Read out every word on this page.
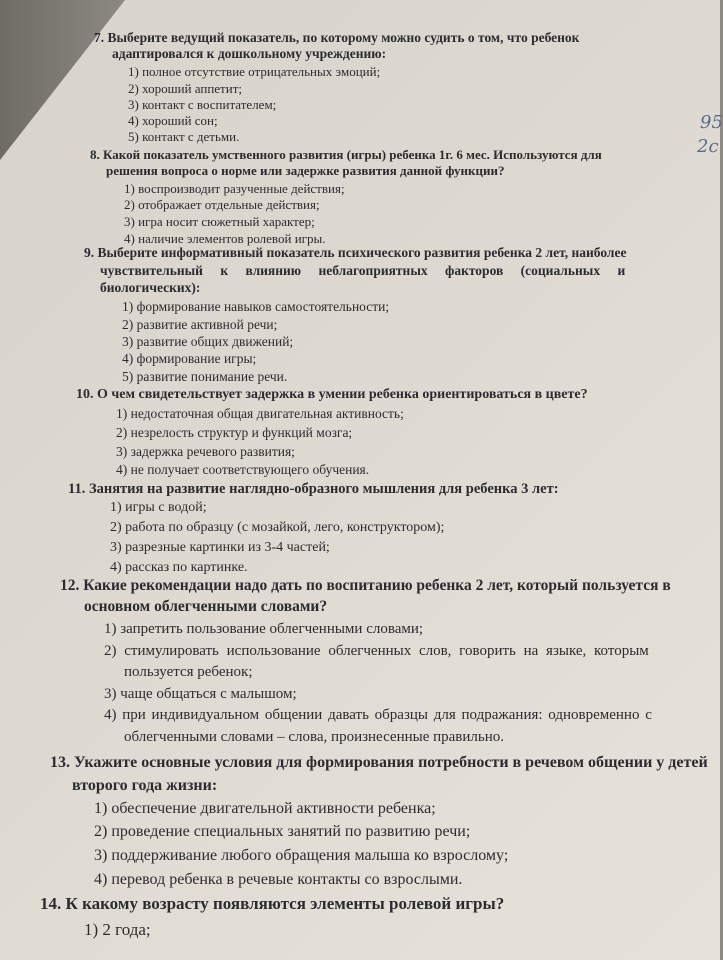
95
2c
7. Выберите ведущий показатель, по которому можно судить о том, что ребенок
адаптировался к дошкольному учреждению:
1) полное отсутствие отрицательных эмоций;
2) хороший аппетит;
3) контакт с воспитателем;
4) хороший сон;
5) контакт с детьми.
8. Какой показатель умственного развития (игры) ребенка 1г. 6 мес. Используются для
решения вопроса о норме или задержке развития данной функции?
1) воспроизводит разученные действия;
2) отображает отдельные действия;
3) игра носит сюжетный характер;
4) наличие элементов ролевой игры.
9. Выберите информативный показатель психического развития ребенка 2 лет, наиболее
чувствительный к влиянию неблагоприятных факторов (социальных и
биологических):
1) формирование навыков самостоятельности;
2) развитие активной речи;
3) развитие общих движений;
4) формирование игры;
5) развитие понимание речи.
10. О чем свидетельствует задержка в умении ребенка ориентироваться в цвете?
1) недостаточная общая двигательная активность;
2) незрелость структур и функций мозга;
3) задержка речевого развития;
4) не получает соответствующего обучения.
11. Занятия на развитие наглядно-образного мышления для ребенка 3 лет:
1) игры с водой;
2) работа по образцу (с мозайкой, лего, конструктором);
3) разрезные картинки из 3-4 частей;
4) рассказ по картинке.
12. Какие рекомендации надо дать по воспитанию ребенка 2 лет, который пользуется в
основном облегченными словами?
1) запретить пользование облегченными словами;
2) стимулировать использование облегченных слов, говорить на языке, которым
пользуется ребенок;
3) чаще общаться с малышом;
4) при индивидуальном общении давать образцы для подражания: одновременно с
облегченными словами – слова, произнесенные правильно.
13. Укажите основные условия для формирования потребности в речевом общении у детей
второго года жизни:
1) обеспечение двигательной активности ребенка;
2) проведение специальных занятий по развитию речи;
3) поддерживание любого обращения малыша ко взрослому;
4) перевод ребенка в речевые контакты со взрослыми.
14. К какому возрасту появляются элементы ролевой игры?
1) 2 года;
